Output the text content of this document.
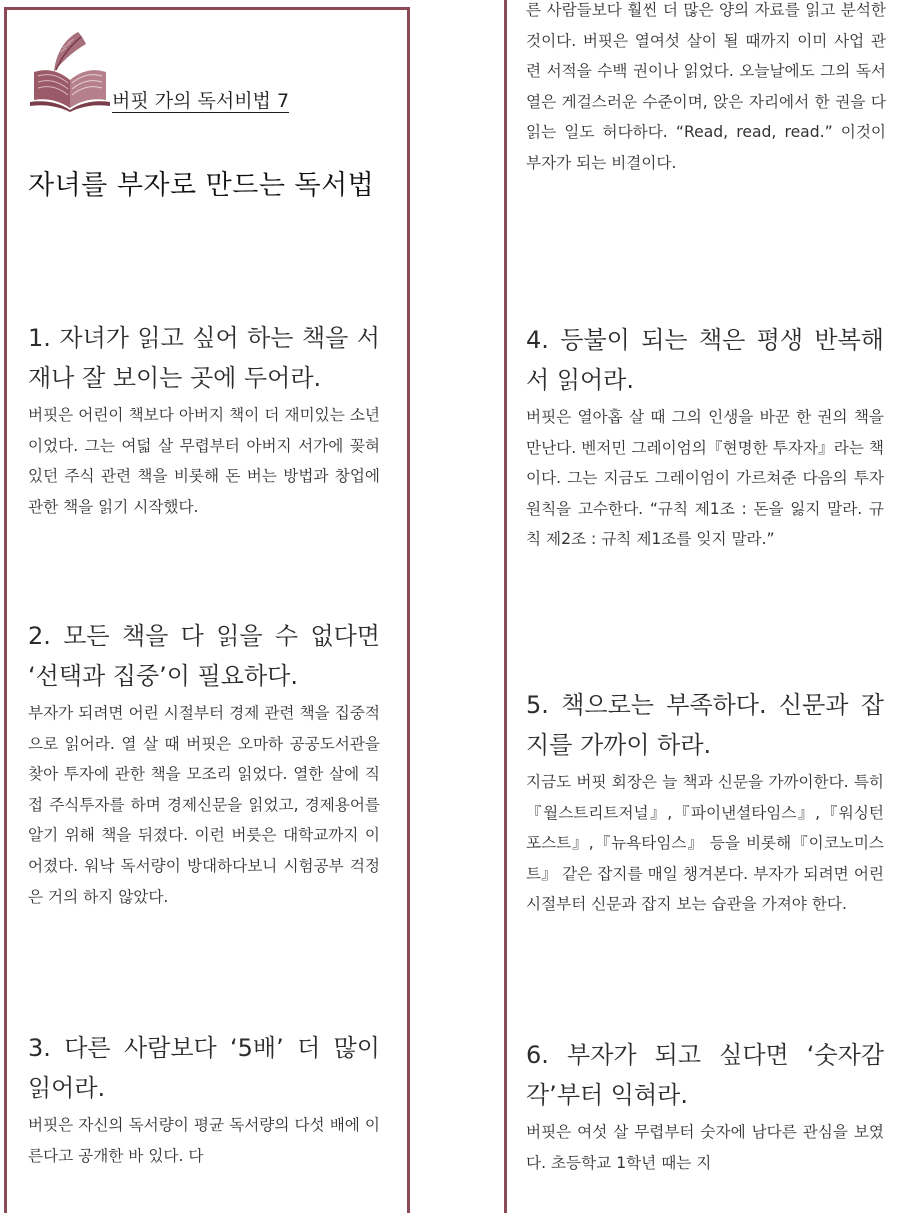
버핏 가의 독서비법 7
자녀를 부자로 만드는 독서법
1. 자녀가 읽고 싶어 하는 책을 서재나 잘 보이는 곳에 두어라.
버핏은 어린이 책보다 아버지 책이 더 재미있는 소년이었다. 그는 여덟 살 무렵부터 아버지 서가에 꽂혀 있던 주식 관련 책을 비롯해 돈 버는 방법과 창업에 관한 책을 읽기 시작했다.
2. 모든 책을 다 읽을 수 없다면 ‘선택과 집중’이 필요하다.
부자가 되려면 어린 시절부터 경제 관련 책을 집중적으로 읽어라. 열 살 때 버핏은 오마하 공공도서관을 찾아 투자에 관한 책을 모조리 읽었다. 열한 살에 직접 주식투자를 하며 경제신문을 읽었고, 경제용어를 알기 위해 책을 뒤졌다. 이런 버릇은 대학교까지 이어졌다. 워낙 독서량이 방대하다보니 시험공부 걱정은 거의 하지 않았다.
3. 다른 사람보다 ‘5배’ 더 많이 읽어라.
버핏은 자신의 독서량이 평균 독서량의 다섯 배에 이른다고 공개한 바 있다. 다
른 사람들보다 훨씬 더 많은 양의 자료를 읽고 분석한 것이다. 버핏은 열여섯 살이 될 때까지 이미 사업 관련 서적을 수백 권이나 읽었다. 오늘날에도 그의 독서열은 게걸스러운 수준이며, 앉은 자리에서 한 권을 다 읽는 일도 허다하다. “Read, read, read.” 이것이 부자가 되는 비결이다.
4. 등불이 되는 책은 평생 반복해서 읽어라.
버핏은 열아홉 살 때 그의 인생을 바꾼 한 권의 책을 만난다. 벤저민 그레이엄의『현명한 투자자』라는 책이다. 그는 지금도 그레이엄이 가르쳐준 다음의 투자 원칙을 고수한다. “규칙 제1조 : 돈을 잃지 말라. 규칙 제2조 : 규칙 제1조를 잊지 말라.”
5. 책으로는 부족하다. 신문과 잡지를 가까이 하라.
지금도 버핏 회장은 늘 책과 신문을 가까이한다. 특히『월스트리트저널』,『파이낸셜타임스』,『워싱턴포스트』,『뉴욕타임스』 등을 비롯해『이코노미스트』 같은 잡지를 매일 챙겨본다. 부자가 되려면 어린 시절부터 신문과 잡지 보는 습관을 가져야 한다.
6. 부자가 되고 싶다면 ‘숫자감각’부터 익혀라.
버핏은 여섯 살 무렵부터 숫자에 남다른 관심을 보였다. 초등학교 1학년 때는 지
